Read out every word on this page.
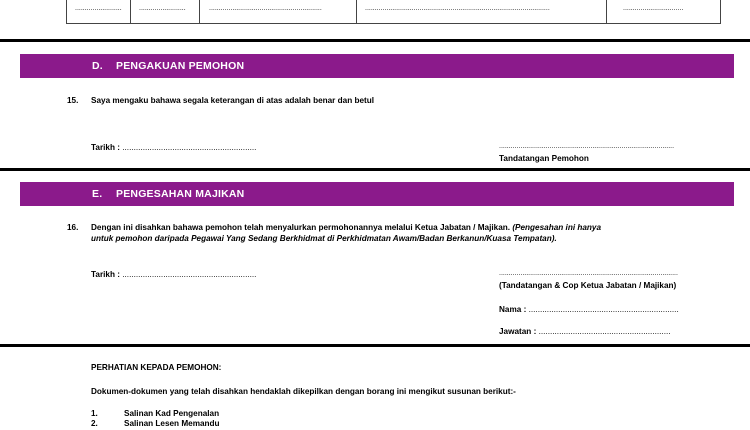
........................	........................	..........................................................	...............................................................................................	...............................
D. PENGAKUAN PEMOHON
15.	Saya mengaku bahawa segala keterangan di atas adalah benar dan betul
Tarikh : ...........................................................	..........................................................................................
Tandatangan Pemohon
E. PENGESAHAN MAJIKAN
16.	Dengan ini disahkan bahawa pemohon telah menyalurkan permohonannya melalui Ketua Jabatan / Majikan. (Pengesahan ini hanya
untuk pemohon daripada Pegawai Yang Sedang Berkhidmat di Perkhidmatan Awam/Badan Berkanun/Kuasa Tempatan).
Tarikh : ...........................................................	............................................................................................
(Tandatangan & Cop Ketua Jabatan / Majikan)
Nama : ..................................................................
Jawatan : ..........................................................
PERHATIAN KEPADA PEMOHON:
Dokumen-dokumen yang telah disahkan hendaklah dikepilkan dengan borang ini mengikut susunan berikut:-
1.	Salinan Kad Pengenalan
2.	Salinan Lesen Memandu
